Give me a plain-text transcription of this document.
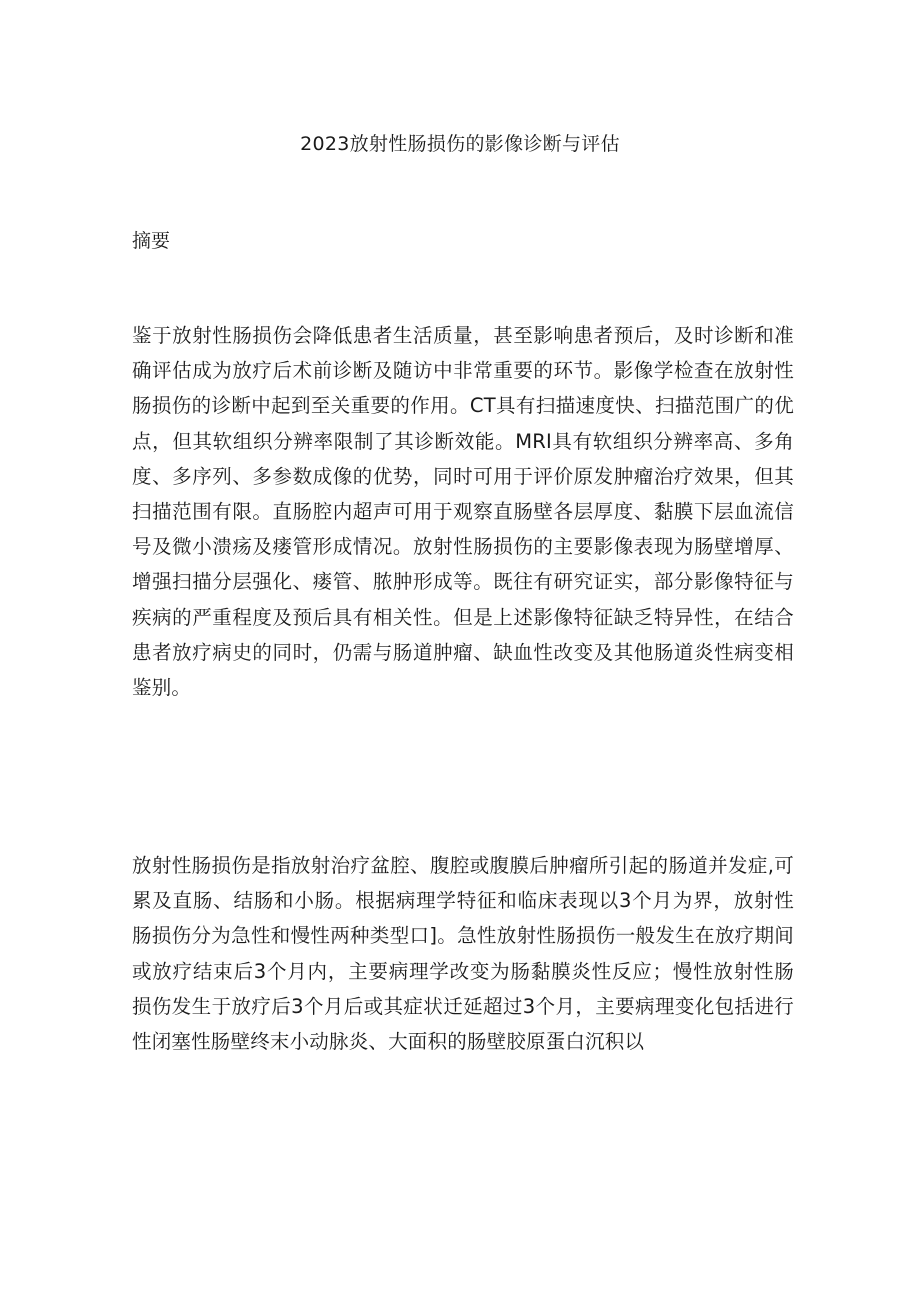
2023放射性肠损伤的影像诊断与评估
摘要

鉴于放射性肠损伤会降低患者生活质量，甚至影响患者预后，及时诊断和准确评估成为放疗后术前诊断及随访中非常重要的环节。影像学检查在放射性肠损伤的诊断中起到至关重要的作用。CT具有扫描速度快、扫描范围广的优点，但其软组织分辨率限制了其诊断效能。MRI具有软组织分辨率高、多角度、多序列、多参数成像的优势，同时可用于评价原发肿瘤治疗效果，但其扫描范围有限。直肠腔内超声可用于观察直肠壁各层厚度、黏膜下层血流信号及微小溃疡及瘘管形成情况。放射性肠损伤的主要影像表现为肠壁增厚、增强扫描分层强化、瘘管、脓肿形成等。既往有研究证实，部分影像特征与疾病的严重程度及预后具有相关性。但是上述影像特征缺乏特异性，在结合患者放疗病史的同时，仍需与肠道肿瘤、缺血性改变及其他肠道炎性病变相鉴别。

放射性肠损伤是指放射治疗盆腔、腹腔或腹膜后肿瘤所引起的肠道并发症,可累及直肠、结肠和小肠。根据病理学特征和临床表现以3个月为界，放射性肠损伤分为急性和慢性两种类型口]。急性放射性肠损伤一般发生在放疗期间或放疗结束后3个月内，主要病理学改变为肠黏膜炎性反应；慢性放射性肠损伤发生于放疗后3个月后或其症状迁延超过3个月，主要病理变化包括进行性闭塞性肠壁终末小动脉炎、大面积的肠壁胶原蛋白沉积以
